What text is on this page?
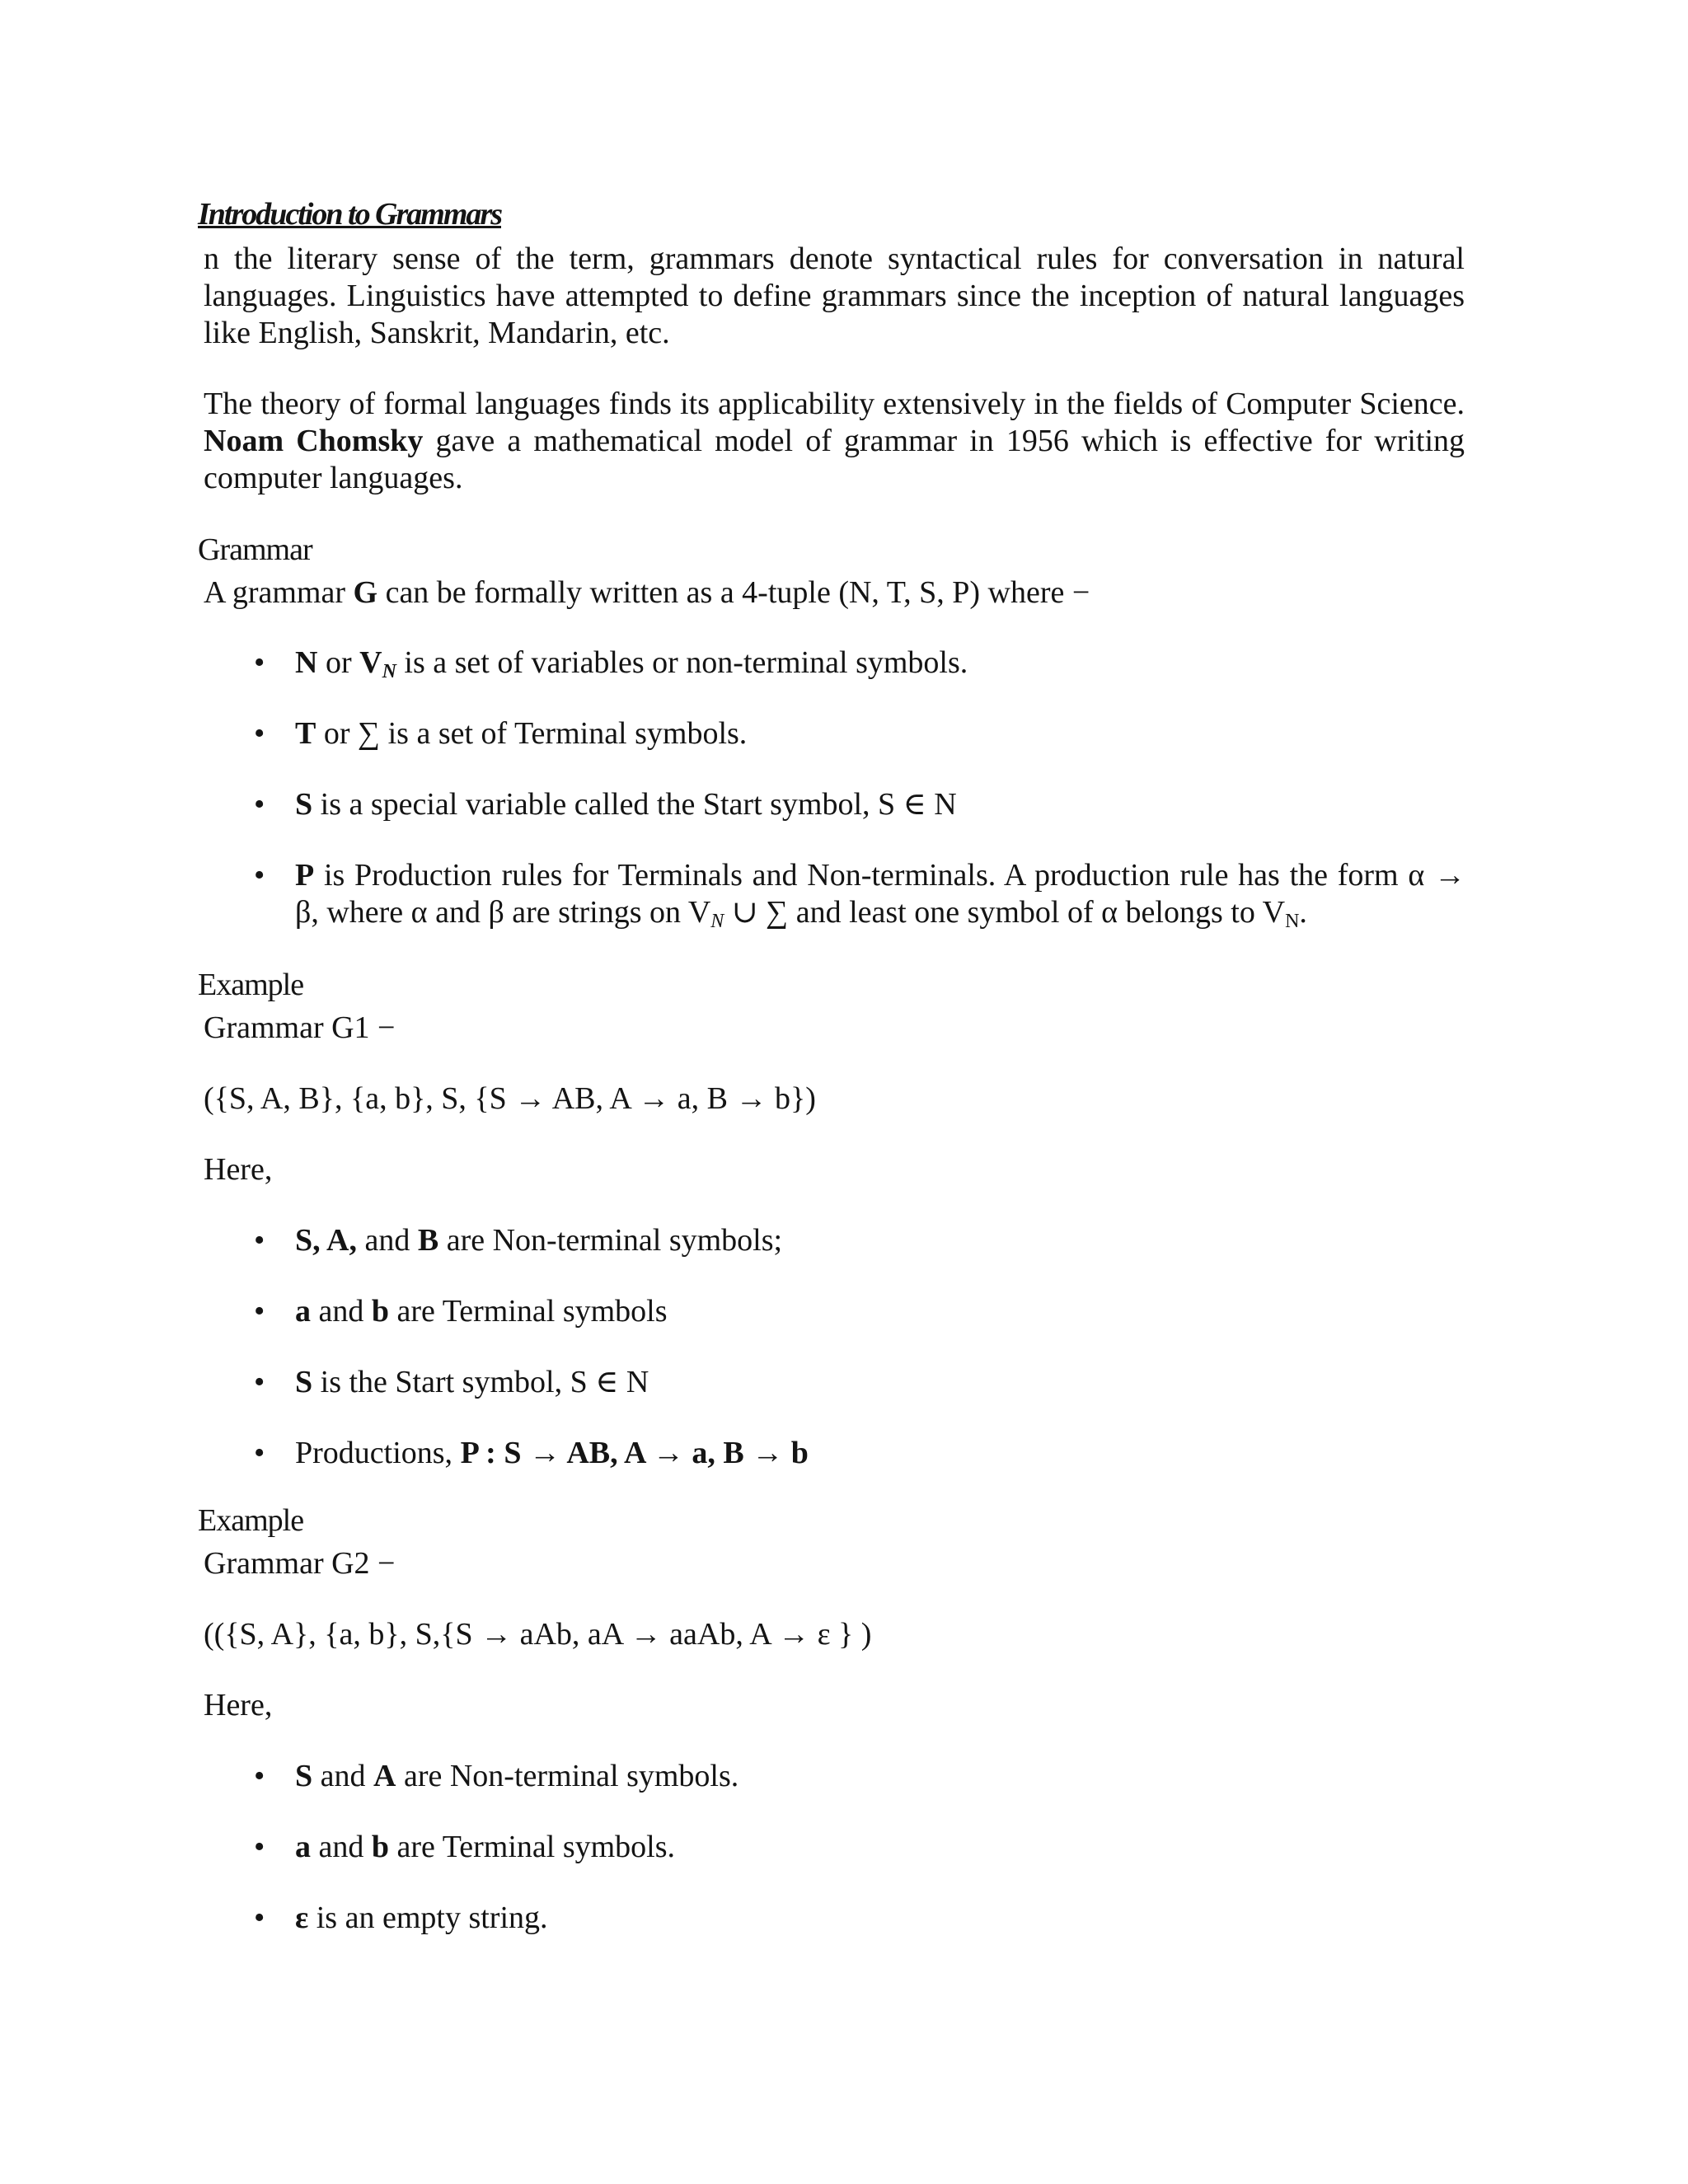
Introduction to Grammars
n the literary sense of the term, grammars denote syntactical rules for conversation in natural languages. Linguistics have attempted to define grammars since the inception of natural languages like English, Sanskrit, Mandarin, etc.
The theory of formal languages finds its applicability extensively in the fields of Computer Science. Noam Chomsky gave a mathematical model of grammar in 1956 which is effective for writing computer languages.
Grammar
A grammar G can be formally written as a 4-tuple (N, T, S, P) where −
• N or $V_N$ is a set of variables or non-terminal symbols.
• T or ∑ is a set of Terminal symbols.
• S is a special variable called the Start symbol, S ∈ N
• P is Production rules for Terminals and Non-terminals. A production rule has the form α → β, where α and β are strings on $V_N$ ∪ ∑ and least one symbol of α belongs to $V_N$.
Example
Grammar G1 −
({S, A, B}, {a, b}, S, {S → AB, A → a, B → b})
Here,
• S, A, and B are Non-terminal symbols;
• a and b are Terminal symbols
• S is the Start symbol, S ∈ N
• Productions, P : S → AB, A → a, B → b
Example
Grammar G2 −
(({S, A}, {a, b}, S,{S → aAb, aA → aaAb, A → ε } )
Here,
• S and A are Non-terminal symbols.
• a and b are Terminal symbols.
• ε is an empty string.
